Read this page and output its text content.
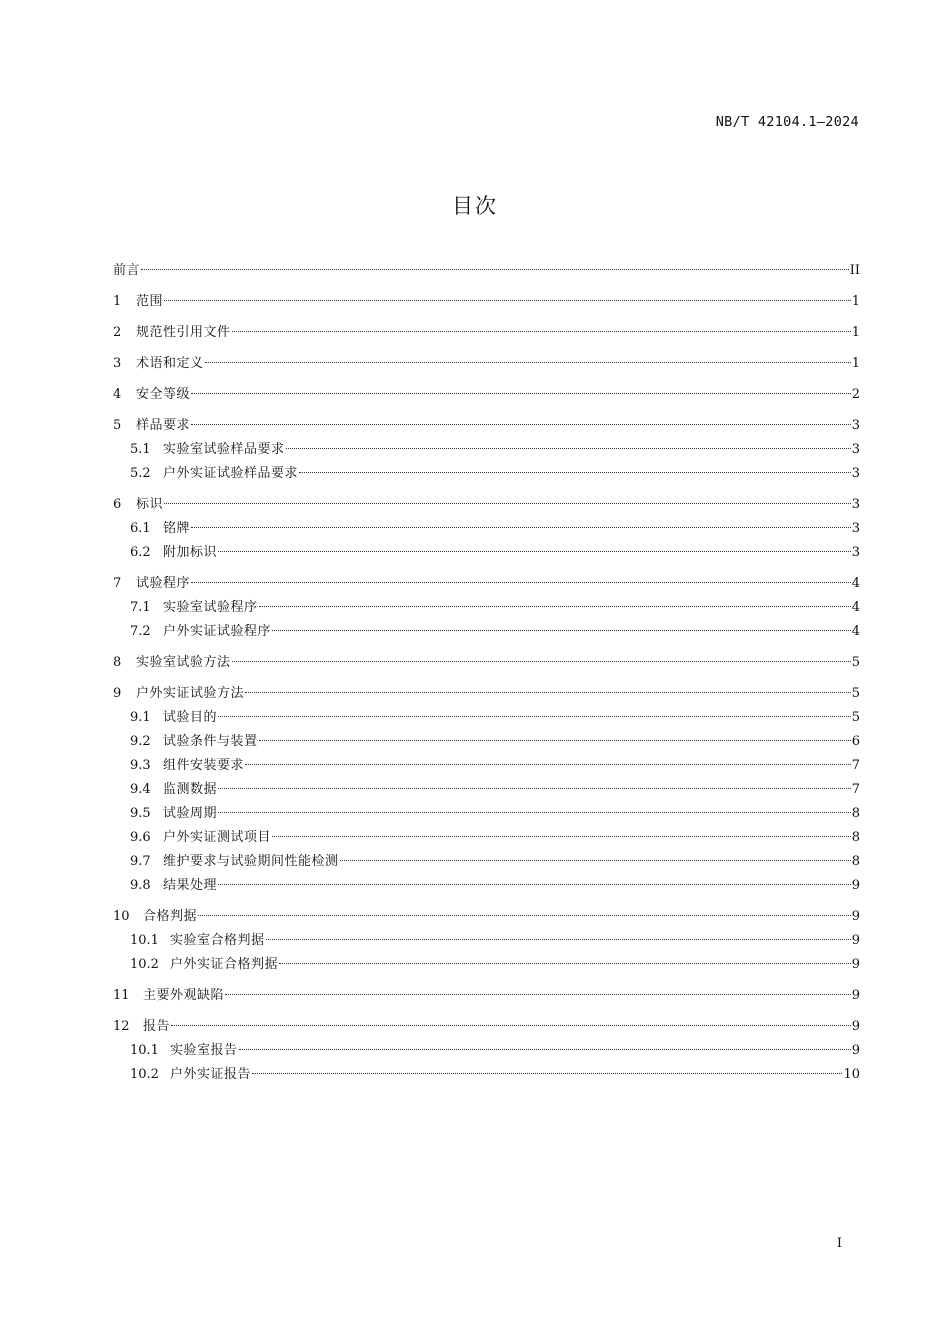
NB/T 42104.1—2024
目次
前言	II
1	范围	1
2	规范性引用文件	1
3	术语和定义	1
4	安全等级	2
5	样品要求	3
5.1 实验室试验样品要求	3
5.2 户外实证试验样品要求	3
6	标识	3
6.1 铭牌	3
6.2 附加标识	3
7	试验程序	4
7.1 实验室试验程序	4
7.2 户外实证试验程序	4
8	实验室试验方法	5
9	户外实证试验方法	5
9.1 试验目的	5
9.2 试验条件与装置	6
9.3 组件安装要求	7
9.4 监测数据	7
9.5 试验周期	8
9.6 户外实证测试项目	8
9.7 维护要求与试验期间性能检测	8
9.8 结果处理	9
10	合格判据	9
10.1 实验室合格判据	9
10.2 户外实证合格判据	9
11	主要外观缺陷	9
12	报告	9
10.1 实验室报告	9
10.2 户外实证报告	10
I
